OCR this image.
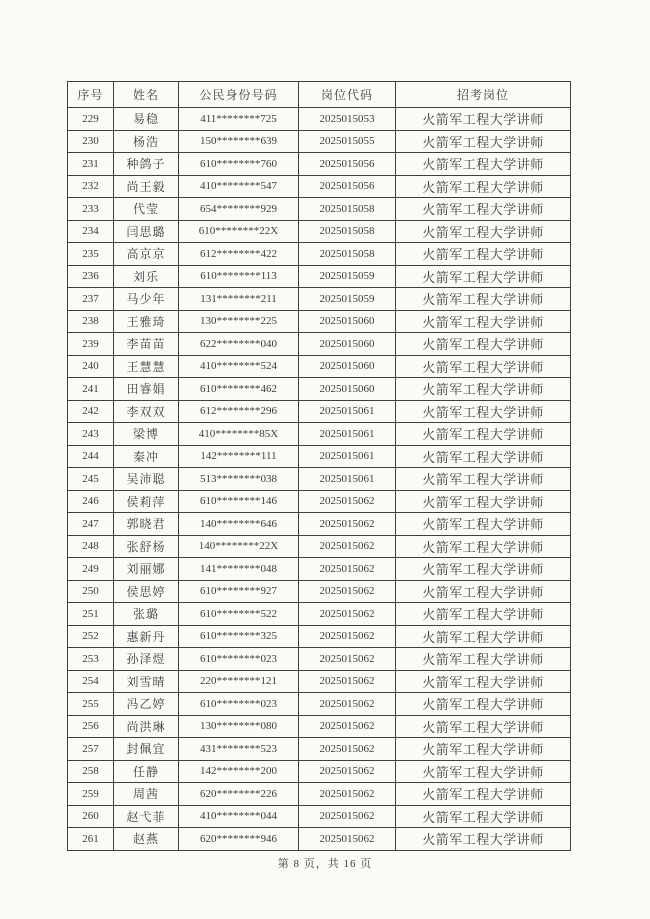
序号	姓名	公民身份号码	岗位代码	招考岗位
229	易稳	411********725	2025015053	火箭军工程大学讲师
230	杨浩	150********639	2025015055	火箭军工程大学讲师
231	种鸽子	610********760	2025015056	火箭军工程大学讲师
232	尚王毅	410********547	2025015056	火箭军工程大学讲师
233	代莹	654********929	2025015058	火箭军工程大学讲师
234	闫思璐	610********22X	2025015058	火箭军工程大学讲师
235	高京京	612********422	2025015058	火箭军工程大学讲师
236	刘乐	610********113	2025015059	火箭军工程大学讲师
237	马少年	131********211	2025015059	火箭军工程大学讲师
238	王雅琦	130********225	2025015060	火箭军工程大学讲师
239	李苗苗	622********040	2025015060	火箭军工程大学讲师
240	王慧慧	410********524	2025015060	火箭军工程大学讲师
241	田睿娟	610********462	2025015060	火箭军工程大学讲师
242	李双双	612********296	2025015061	火箭军工程大学讲师
243	梁博	410********85X	2025015061	火箭军工程大学讲师
244	秦冲	142********111	2025015061	火箭军工程大学讲师
245	吴沛聪	513********038	2025015061	火箭军工程大学讲师
246	侯莉萍	610********146	2025015062	火箭军工程大学讲师
247	郭晓君	140********646	2025015062	火箭军工程大学讲师
248	张舒杨	140********22X	2025015062	火箭军工程大学讲师
249	刘丽娜	141********048	2025015062	火箭军工程大学讲师
250	侯思婷	610********927	2025015062	火箭军工程大学讲师
251	张璐	610********522	2025015062	火箭军工程大学讲师
252	惠新丹	610********325	2025015062	火箭军工程大学讲师
253	孙泽煜	610********023	2025015062	火箭军工程大学讲师
254	刘雪晴	220********121	2025015062	火箭军工程大学讲师
255	冯乙婷	610********023	2025015062	火箭军工程大学讲师
256	尚洪琳	130********080	2025015062	火箭军工程大学讲师
257	封佩宜	431********523	2025015062	火箭军工程大学讲师
258	任静	142********200	2025015062	火箭军工程大学讲师
259	周茜	620********226	2025015062	火箭军工程大学讲师
260	赵弋菲	410********044	2025015062	火箭军工程大学讲师
261	赵燕	620********946	2025015062	火箭军工程大学讲师
第 8 页，共 16 页
